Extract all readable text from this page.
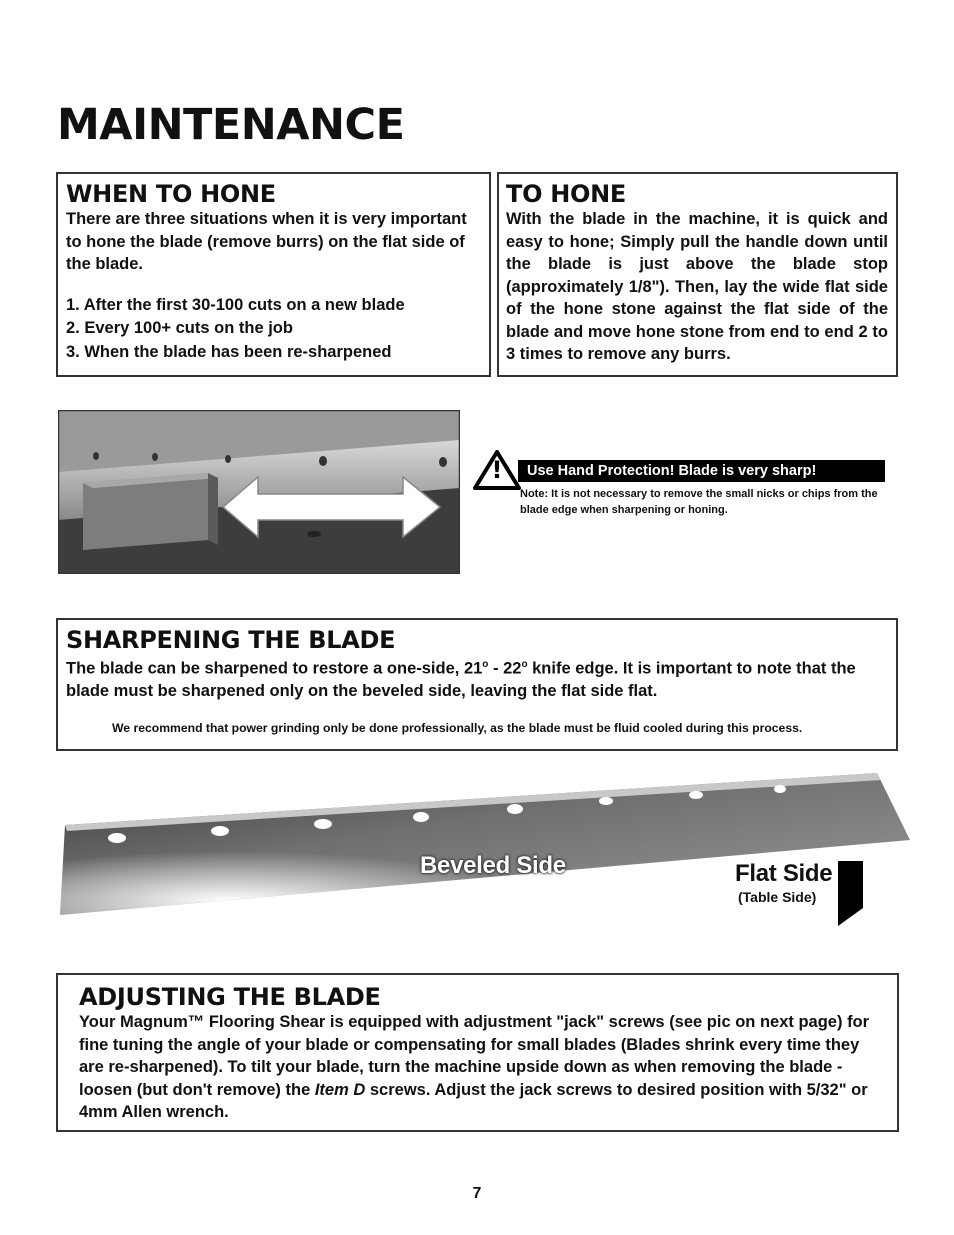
MAINTENANCE
WHEN TO HONE

There are three situations when it is very important to hone the blade (remove burrs) on the flat side of the blade.

1. After the first 30-100 cuts on a new blade

2. Every 100+ cuts on the job

3. When the blade has been re-sharpened

TO HONE

With the blade in the machine, it is quick and easy to hone; Simply pull the handle down until the blade is just above the blade stop (approximately 1/8"). Then, lay the wide flat side of the hone stone against the flat side of the blade and move hone stone from end to end 2 to 3 times to remove any burrs.

!	Use Hand Protection! Blade is very sharp!
Note: It is not necessary to remove the small nicks or chips from the blade edge when sharpening or honing.
SHARPENING THE BLADE

The blade can be sharpened to restore a one-side, 21$^o$ - 22$^o$ knife edge. It is important to note that the blade must be sharpened only on the beveled side, leaving the flat side flat.

We recommend that power grinding only be done professionally, as the blade must be fluid cooled during this process.
Beveled Side	Flat Side
(Table Side)
ADJUSTING THE BLADE

Your Magnum™ Flooring Shear is equipped with adjustment "jack" screws (see pic on next page) for fine tuning the angle of your blade or compensating for small blades (Blades shrink every time they are re-sharpened). To tilt your blade, turn the machine upside down as when removing the blade - loosen (but don't remove) the Item D screws. Adjust the jack screws to desired position with 5/32" or 4mm Allen wrench.

7
